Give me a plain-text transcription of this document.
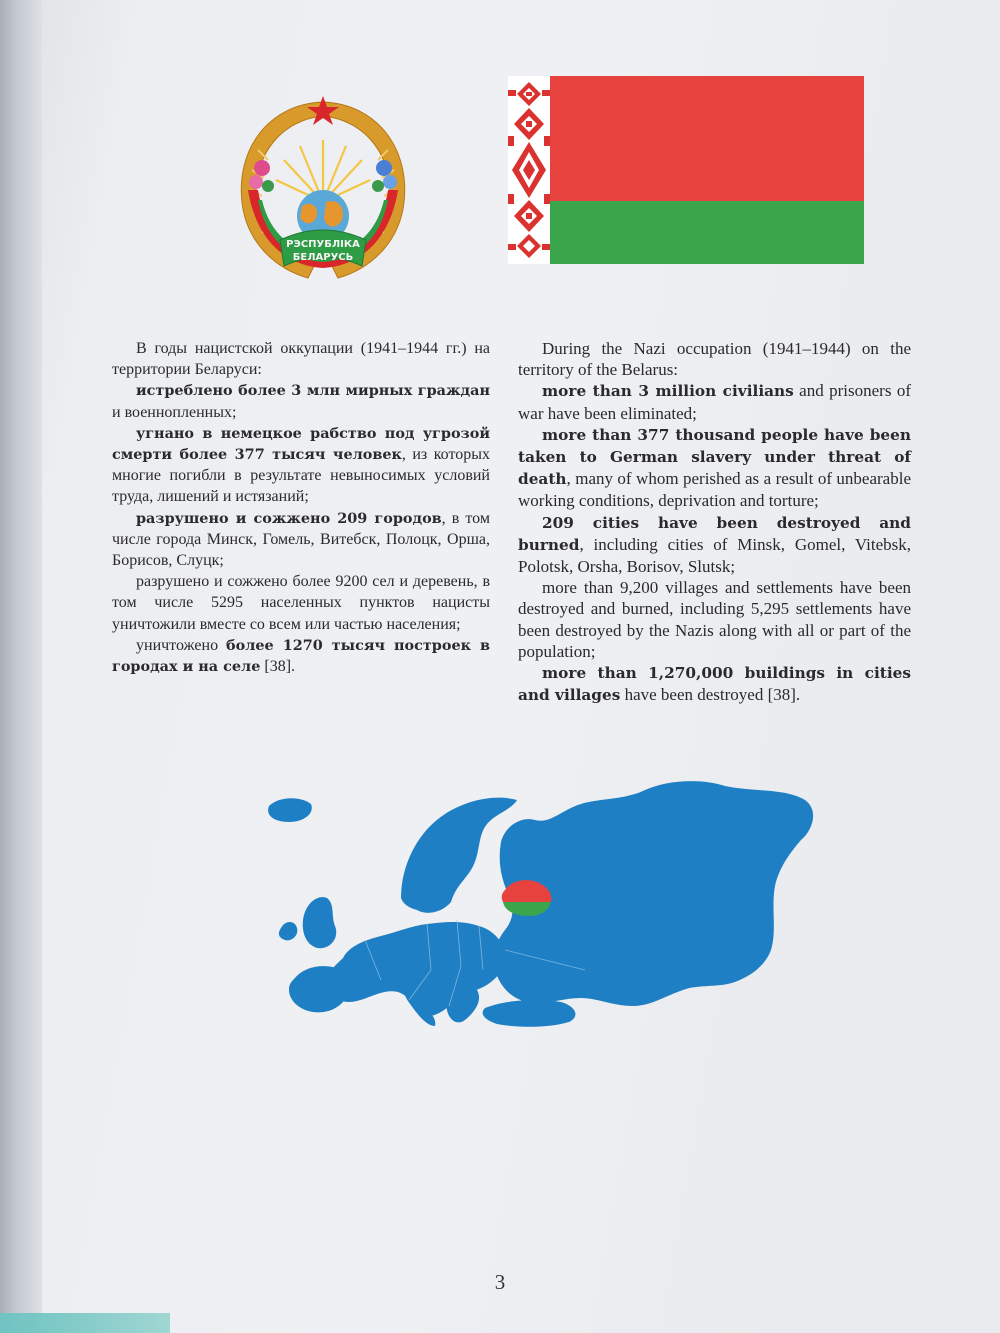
РЭСПУБЛІКА
БЕЛАРУСЬ

В годы нацистской оккупации (1941–1944 гг.) на территории Беларуси:

истреблено более 3 млн мирных граждан и военнопленных;

угнано в немецкое рабство под угрозой смерти более 377 тысяч человек, из которых многие погибли в результате невыносимых условий труда, лишений и истязаний;

разрушено и сожжено 209 городов, в том числе города Минск, Гомель, Витебск, Полоцк, Орша, Борисов, Слуцк;

разрушено и сожжено более 9200 сел и деревень, в том числе 5295 населенных пунктов нацисты уничтожили вместе со всем или частью населения;

уничтожено более 1270 тысяч построек в городах и на селе [38].

During the Nazi occupation (1941–1944) on the territory of the Belarus:

more than 3 million civilians and prisoners of war have been eliminated;

more than 377 thousand people have been taken to German slavery under threat of death, many of whom perished as a result of unbearable working conditions, deprivation and torture;

209 cities have been destroyed and burned, including cities of Minsk, Gomel, Vitebsk, Polotsk, Orsha, Borisov, Slutsk;

more than 9,200 villages and settlements have been destroyed and burned, including 5,295 settlements have been destroyed by the Nazis along with all or part of the population;

more than 1,270,000 buildings in cities and villages have been destroyed [38].

3
